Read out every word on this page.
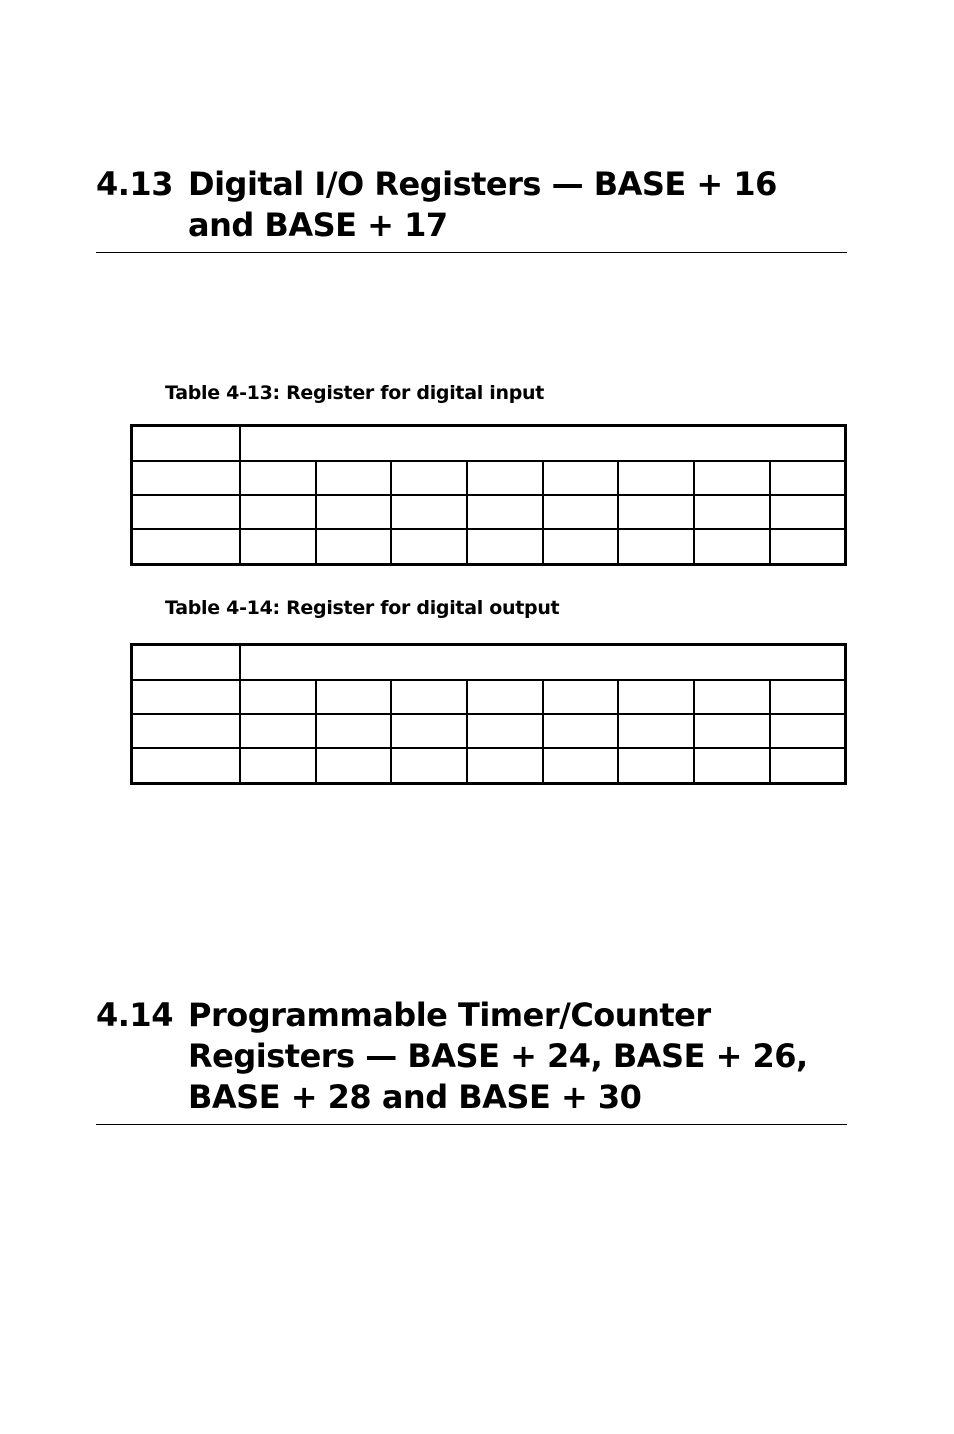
4.13 Digital I/O Registers — BASE + 16
and BASE + 17

Table 4-13: Register for digital input

Table 4-14: Register for digital output

4.14 Programmable Timer/Counter
Registers — BASE + 24, BASE + 26,
BASE + 28 and BASE + 30
